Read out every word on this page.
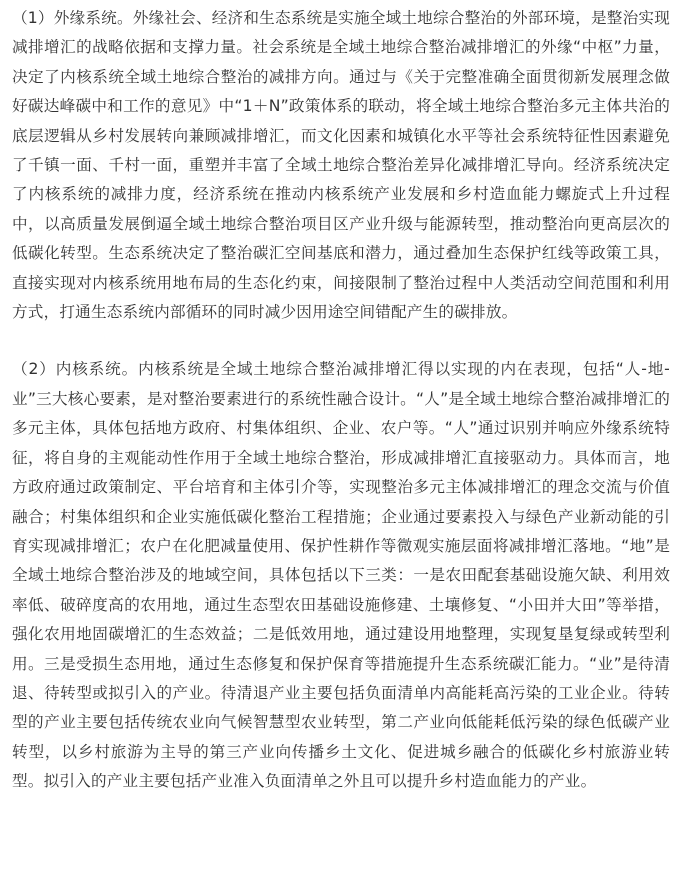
（1）外缘系统。外缘社会、经济和生态系统是实施全域土地综合整治的外部环境，是整治实现减排增汇的战略依据和支撑力量。社会系统是全域土地综合整治减排增汇的外缘“中枢”力量，决定了内核系统全域土地综合整治的减排方向。通过与《关于完整准确全面贯彻新发展理念做好碳达峰碳中和工作的意见》中“1＋N”政策体系的联动，将全域土地综合整治多元主体共治的底层逻辑从乡村发展转向兼顾减排增汇，而文化因素和城镇化水平等社会系统特征性因素避免了千镇一面、千村一面，重塑并丰富了全域土地综合整治差异化减排增汇导向。经济系统决定了内核系统的减排力度，经济系统在推动内核系统产业发展和乡村造血能力螺旋式上升过程中，以高质量发展倒逼全域土地综合整治项目区产业升级与能源转型，推动整治向更高层次的低碳化转型。生态系统决定了整治碳汇空间基底和潜力，通过叠加生态保护红线等政策工具，直接实现对内核系统用地布局的生态化约束，间接限制了整治过程中人类活动空间范围和利用方式，打通生态系统内部循环的同时减少因用途空间错配产生的碳排放。

（2）内核系统。内核系统是全域土地综合整治减排增汇得以实现的内在表现，包括“人-地-业”三大核心要素，是对整治要素进行的系统性融合设计。“人”是全域土地综合整治减排增汇的多元主体，具体包括地方政府、村集体组织、企业、农户等。“人”通过识别并响应外缘系统特征，将自身的主观能动性作用于全域土地综合整治，形成减排增汇直接驱动力。具体而言，地方政府通过政策制定、平台培育和主体引介等，实现整治多元主体减排增汇的理念交流与价值融合；村集体组织和企业实施低碳化整治工程措施；企业通过要素投入与绿色产业新动能的引育实现减排增汇；农户在化肥减量使用、保护性耕作等微观实施层面将减排增汇落地。“地”是全域土地综合整治涉及的地域空间，具体包括以下三类：一是农田配套基础设施欠缺、利用效率低、破碎度高的农用地，通过生态型农田基础设施修建、土壤修复、“小田并大田”等举措，强化农用地固碳增汇的生态效益；二是低效用地，通过建设用地整理，实现复垦复绿或转型利用。三是受损生态用地，通过生态修复和保护保育等措施提升生态系统碳汇能力。“业”是待清退、待转型或拟引入的产业。待清退产业主要包括负面清单内高能耗高污染的工业企业。待转型的产业主要包括传统农业向气候智慧型农业转型，第二产业向低能耗低污染的绿色低碳产业转型，以乡村旅游为主导的第三产业向传播乡土文化、促进城乡融合的低碳化乡村旅游业转型。拟引入的产业主要包括产业准入负面清单之外且可以提升乡村造血能力的产业。
